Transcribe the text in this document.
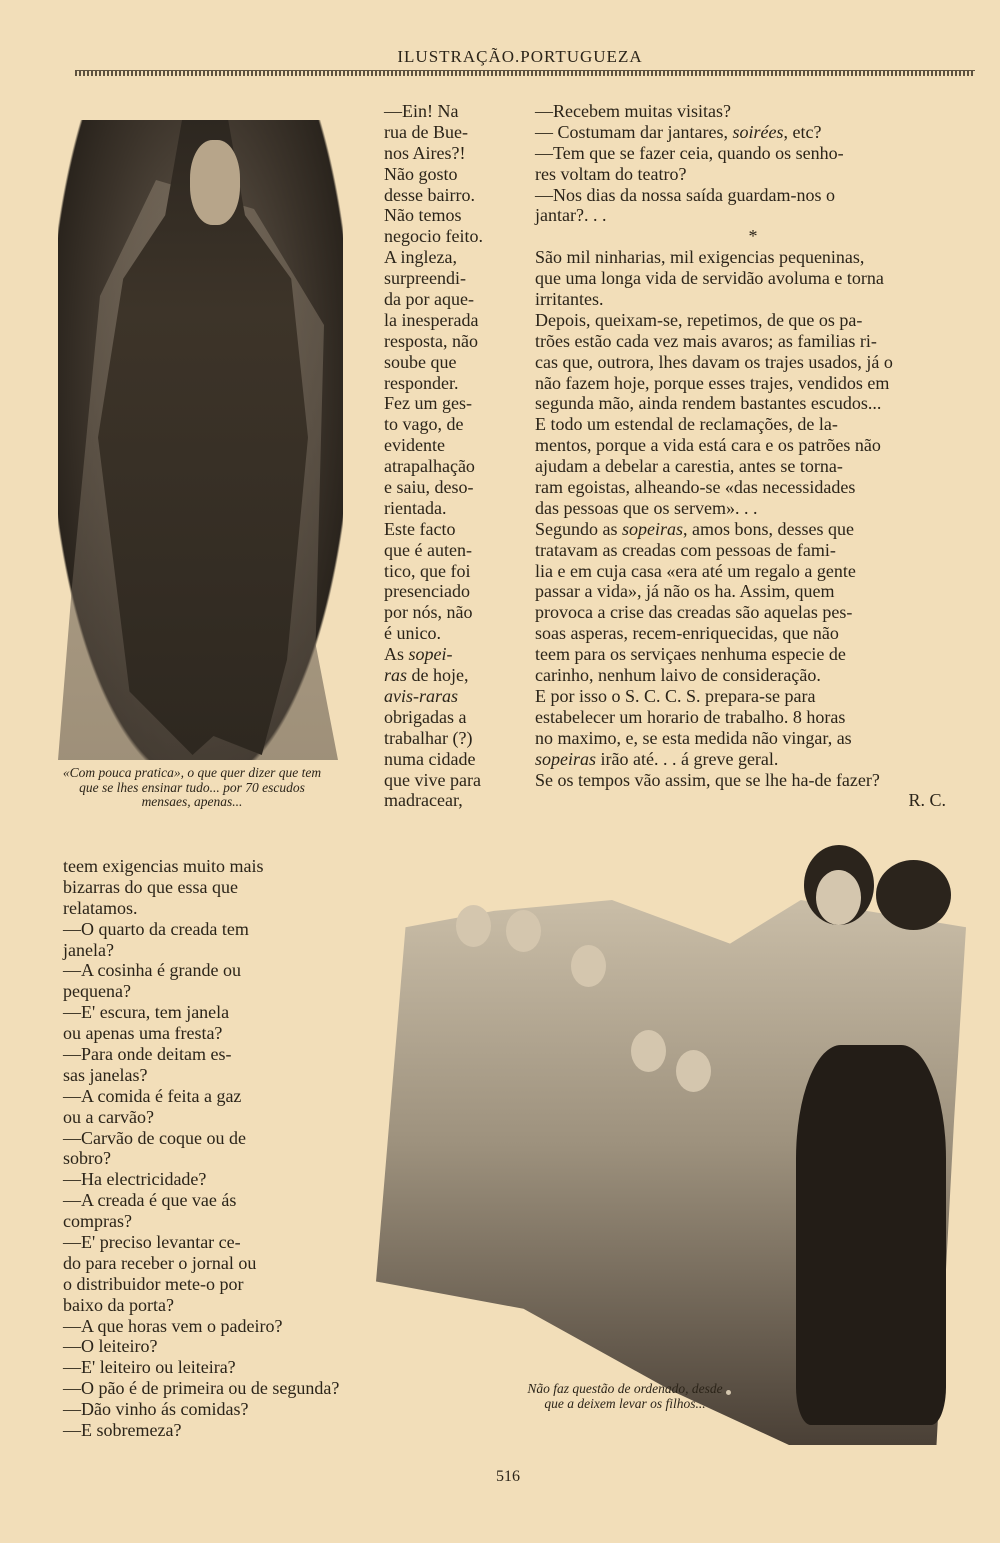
ILUSTRAÇÃO.PORTUGUEZA
«Com pouca pratica», o que quer dizer que tem que se lhes ensinar tudo... por 70 escudos mensaes, apenas...
—Ein! Na
rua de Bue-
nos Aires?!
Não gosto
desse bairro.
Não temos
negocio feito.
A ingleza,
surpreendi-
da por aque-
la inesperada
resposta, não
soube que
responder.
Fez um ges-
to vago, de
evidente
atrapalhação
e saiu, deso-
rientada.
Este facto
que é auten-
tico, que foi
presenciado
por nós, não
é unico.
As sopei-
ras de hoje,
avis-raras
obrigadas a
trabalhar (?)
numa cidade
que vive para
madracear,
—Recebem muitas visitas?
— Costumam dar jantares, soirées, etc?
—Tem que se fazer ceia, quando os senho-
res voltam do teatro?
—Nos dias da nossa saída guardam-nos o
jantar?. . .
*
São mil ninharias, mil exigencias pequeninas,
que uma longa vida de servidão avoluma e torna
irritantes.
Depois, queixam-se, repetimos, de que os pa-
trões estão cada vez mais avaros; as familias ri-
cas que, outrora, lhes davam os trajes usados, já o
não fazem hoje, porque esses trajes, vendidos em
segunda mão, ainda rendem bastantes escudos...
E todo um estendal de reclamações, de la-
mentos, porque a vida está cara e os patrões não
ajudam a debelar a carestia, antes se torna-
ram egoistas, alheando-se «das necessidades
das pessoas que os servem». . .
Segundo as sopeiras, amos bons, desses que
tratavam as creadas com pessoas de fami-
lia e em cuja casa «era até um regalo a gente
passar a vida», já não os ha. Assim, quem
provoca a crise das creadas são aquelas pes-
soas asperas, recem-enriquecidas, que não
teem para os serviçaes nenhuma especie de
carinho, nenhum laivo de consideração.
E por isso o S. C. C. S. prepara-se para
estabelecer um horario de trabalho. 8 horas
no maximo, e, se esta medida não vingar, as
sopeiras irão até. . . á greve geral.
Se os tempos vão assim, que se lhe ha-de fazer?
R. C.
teem exigencias muito mais
bizarras do que essa que
relatamos.
—O quarto da creada tem
janela?
—A cosinha é grande ou
pequena?
—E' escura, tem janela
ou apenas uma fresta?
—Para onde deitam es-
sas janelas?
—A comida é feita a gaz
ou a carvão?
—Carvão de coque ou de
sobro?
—Ha electricidade?
—A creada é que vae ás
compras?
—E' preciso levantar ce-
do para receber o jornal ou
o distribuidor mete-o por
baixo da porta?
—A que horas vem o padeiro?
—O leiteiro?
—E' leiteiro ou leiteira?
—O pão é de primeira ou de segunda?
—Dão vinho ás comidas?
—E sobremeza?
Não faz questão de ordenado, desde que a deixem levar os filhos...
516
